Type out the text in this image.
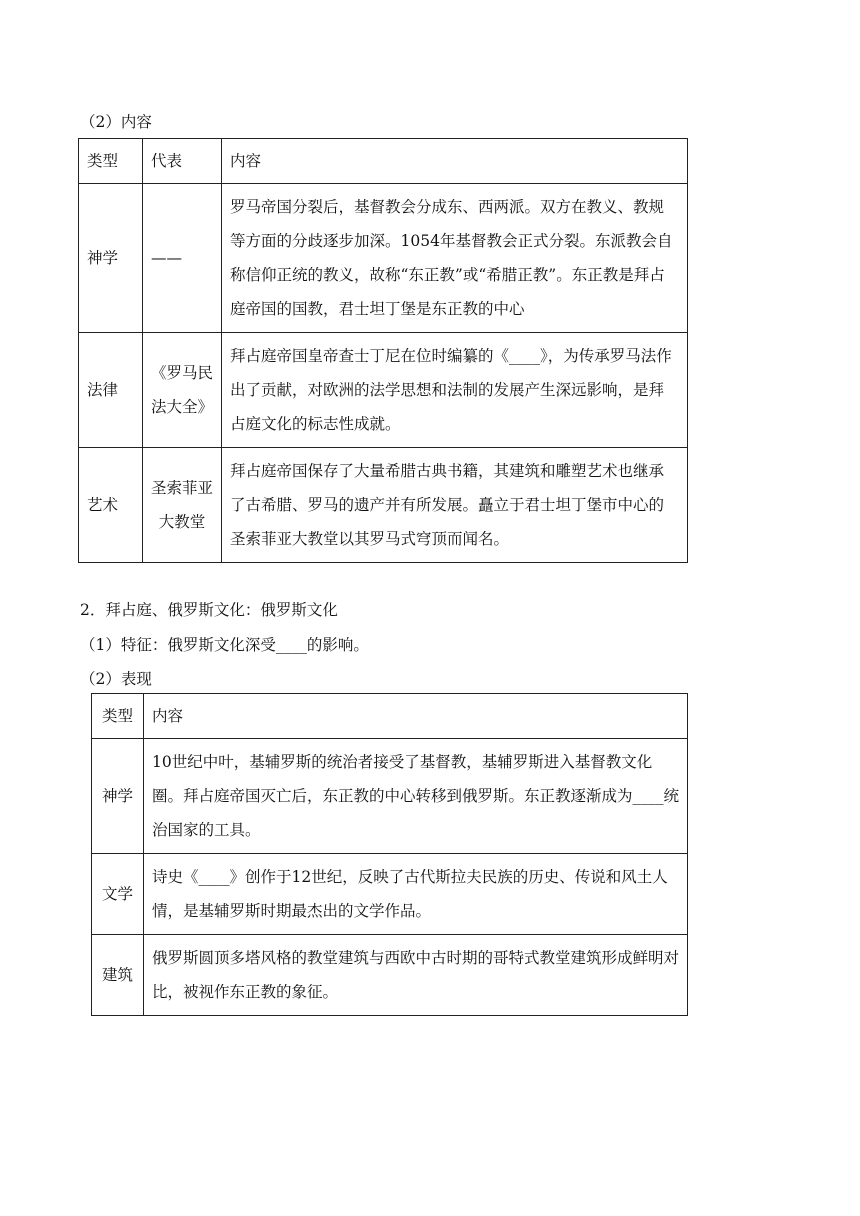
（2）内容
类型	代表	内容
神学	——	罗马帝国分裂后，基督教会分成东、西两派。双方在教义、教规等方面的分歧逐步加深。1054年基督教会正式分裂。东派教会自称信仰正统的教义，故称“东正教”或“希腊正教”。东正教是拜占庭帝国的国教，君士坦丁堡是东正教的中心
法律	《罗马民法大全》	拜占庭帝国皇帝查士丁尼在位时编纂的《____》，为传承罗马法作出了贡献，对欧洲的法学思想和法制的发展产生深远影响，是拜占庭文化的标志性成就。
艺术	圣索菲亚大教堂	拜占庭帝国保存了大量希腊古典书籍，其建筑和雕塑艺术也继承了古希腊、罗马的遗产并有所发展。矗立于君士坦丁堡市中心的圣索菲亚大教堂以其罗马式穹顶而闻名。
2．拜占庭、俄罗斯文化：俄罗斯文化
（1）特征：俄罗斯文化深受____的影响。
（2）表现
类型	内容
神学	10世纪中叶，基辅罗斯的统治者接受了基督教，基辅罗斯进入基督教文化圈。拜占庭帝国灭亡后，东正教的中心转移到俄罗斯。东正教逐渐成为____统治国家的工具。
文学	诗史《____》创作于12世纪，反映了古代斯拉夫民族的历史、传说和风土人情，是基辅罗斯时期最杰出的文学作品。
建筑	俄罗斯圆顶多塔风格的教堂建筑与西欧中古时期的哥特式教堂建筑形成鲜明对比，被视作东正教的象征。
